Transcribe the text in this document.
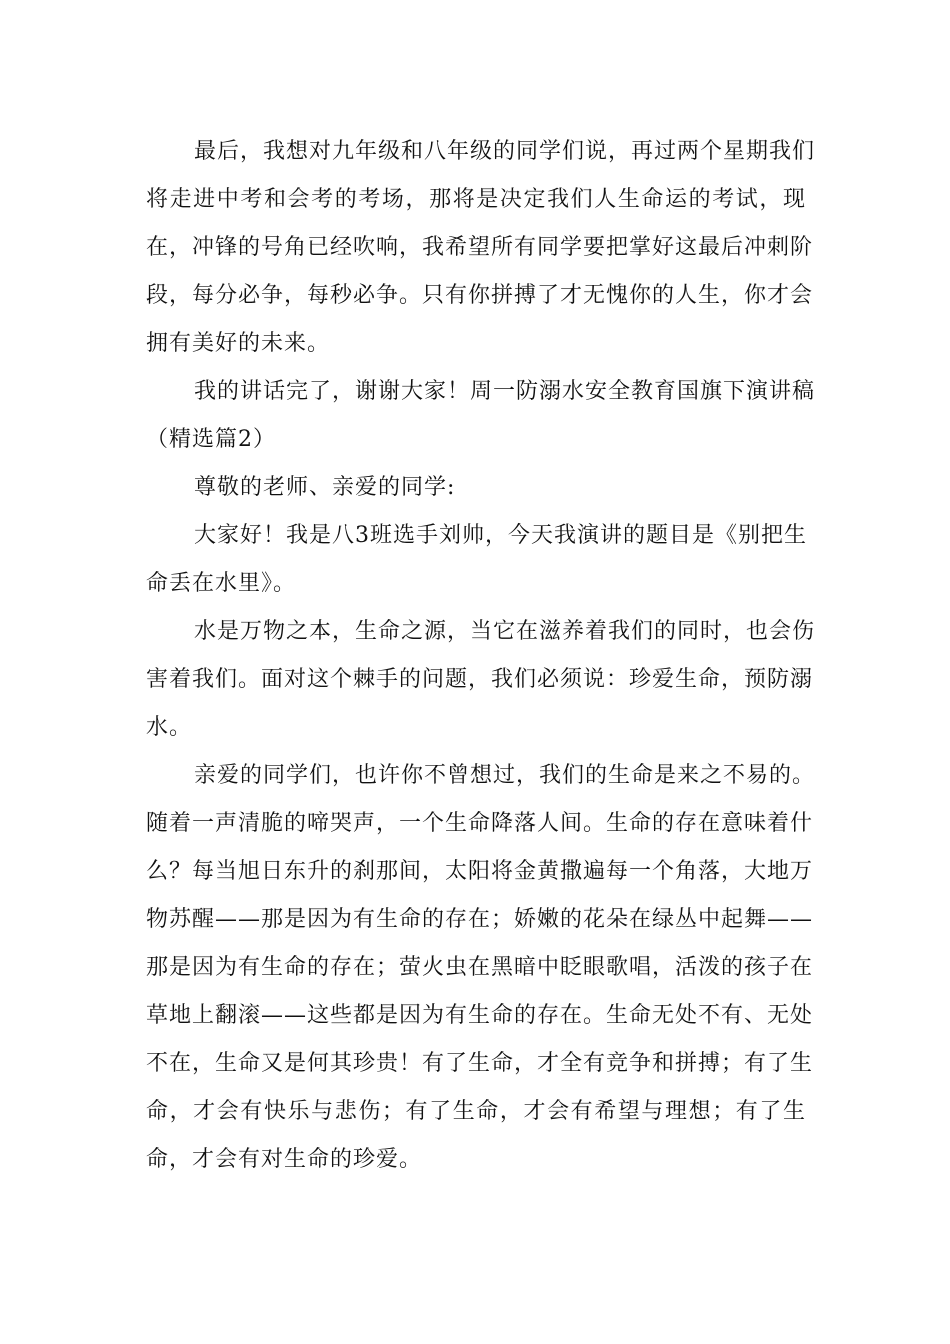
最后，我想对九年级和八年级的同学们说，再过两个星期我们
将走进中考和会考的考场，那将是决定我们人生命运的考试，现
在，冲锋的号角已经吹响，我希望所有同学要把掌好这最后冲刺阶
段，每分必争，每秒必争。只有你拼搏了才无愧你的人生，你才会
拥有美好的未来。
我的讲话完了，谢谢大家！周一防溺水安全教育国旗下演讲稿
（精选篇2）
尊敬的老师、亲爱的同学:
大家好！我是八3班选手刘帅，今天我演讲的题目是《别把生
命丢在水里》。
水是万物之本，生命之源，当它在滋养着我们的同时，也会伤
害着我们。面对这个棘手的问题，我们必须说：珍爱生命，预防溺
水。
亲爱的同学们，也许你不曾想过，我们的生命是来之不易的。
随着一声清脆的啼哭声，一个生命降落人间。生命的存在意味着什
么？每当旭日东升的刹那间，太阳将金黄撒遍每一个角落，大地万
物苏醒——那是因为有生命的存在；娇嫩的花朵在绿丛中起舞——
那是因为有生命的存在；萤火虫在黑暗中眨眼歌唱，活泼的孩子在
草地上翻滚——这些都是因为有生命的存在。生命无处不有、无处
不在，生命又是何其珍贵！有了生命，才全有竞争和拼搏；有了生
命，才会有快乐与悲伤；有了生命，才会有希望与理想；有了生
命，才会有对生命的珍爱。
